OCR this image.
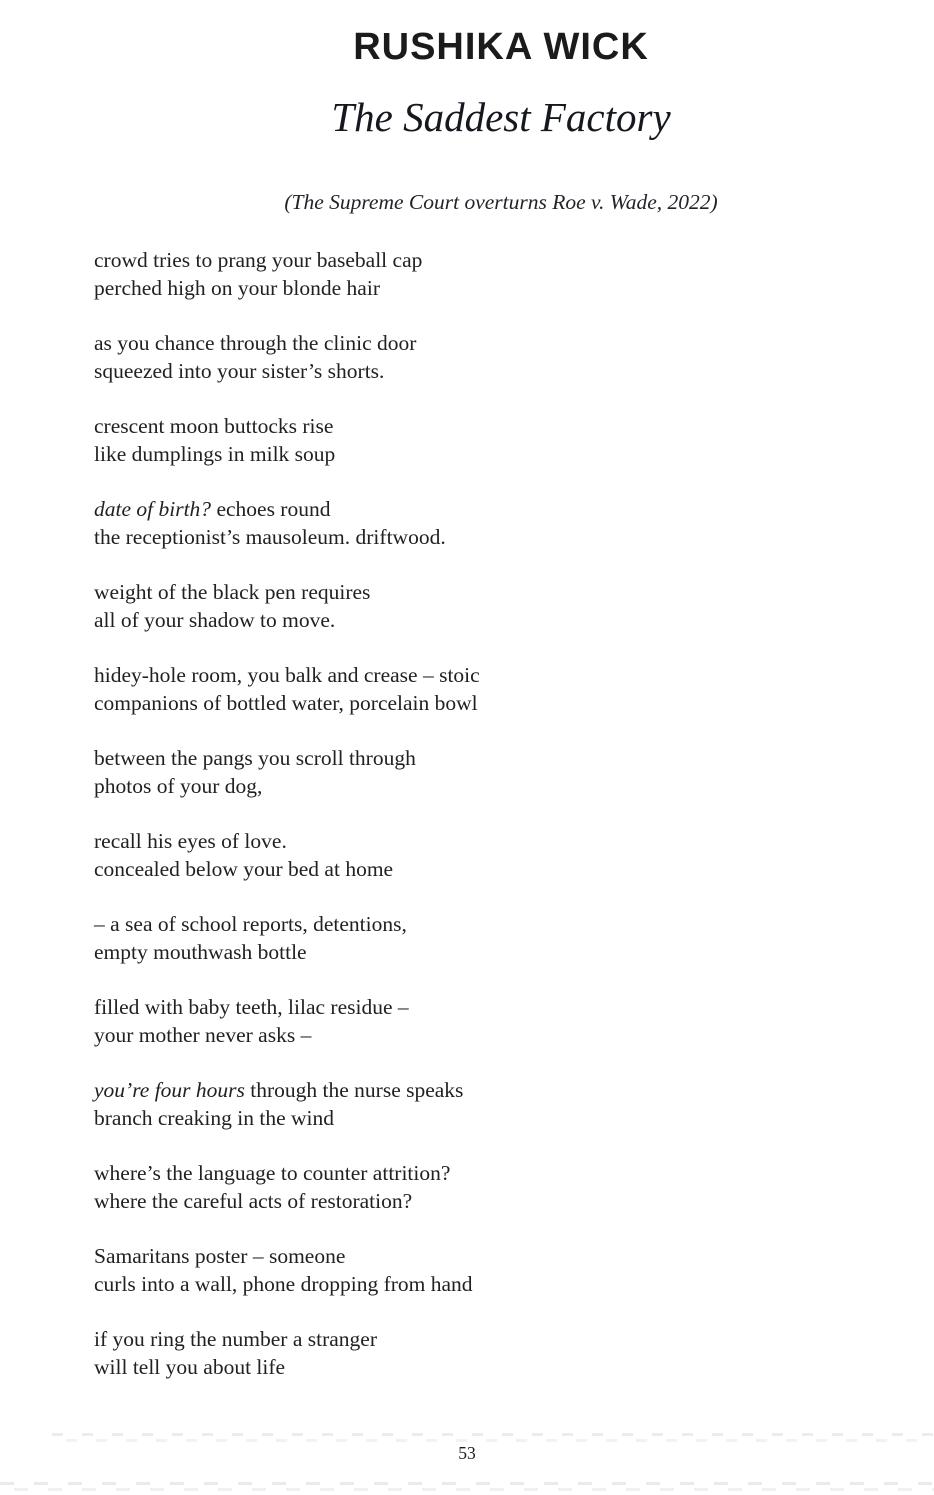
RUSHIKA WICK
The Saddest Factory
(The Supreme Court overturns Roe v. Wade, 2022)
crowd tries to prang your baseball cap
perched high on your blonde hair
as you chance through the clinic door
squeezed into your sister’s shorts.
crescent moon buttocks rise
like dumplings in milk soup
date of birth? echoes round
the receptionist’s mausoleum. driftwood.
weight of the black pen requires
all of your shadow to move.
hidey-hole room, you balk and crease – stoic
companions of bottled water, porcelain bowl
between the pangs you scroll through
photos of your dog,
recall his eyes of love.
concealed below your bed at home
– a sea of school reports, detentions,
empty mouthwash bottle
filled with baby teeth, lilac residue –
your mother never asks –
you’re four hours through the nurse speaks
branch creaking in the wind
where’s the language to counter attrition?
where the careful acts of restoration?
Samaritans poster – someone
curls into a wall, phone dropping from hand
if you ring the number a stranger
will tell you about life
53
